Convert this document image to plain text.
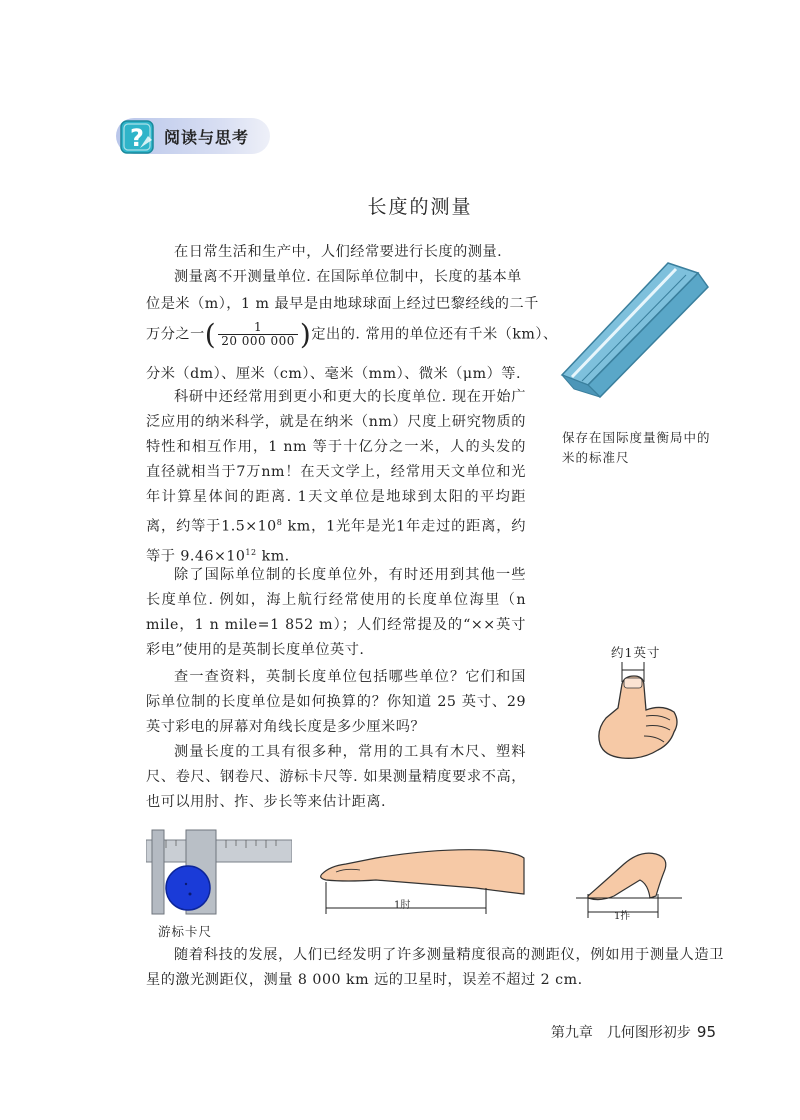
? 阅读与思考
长度的测量
在日常生活和生产中，人们经常要进行长度的测量.
测量离不开测量单位. 在国际单位制中，长度的基本单
位是米（m），1 m 最早是由地球球面上经过巴黎经线的二千
万分之一( $\frac{1}{20 000 000}$ )定出的. 常用的单位还有千米（km）、
分米（dm）、厘米（cm）、毫米（mm）、微米（μm）等.
科研中还经常用到更小和更大的长度单位. 现在开始广泛应用的纳米科学，就是在纳米（nm）尺度上研究物质的特性和相互作用，1 nm 等于十亿分之一米，人的头发的直径就相当于7万nm！在天文学上，经常用天文单位和光年计算星体间的距离. 1天文单位是地球到太阳的平均距离，约等于$1.5\times 10^8$ km，1光年是光1年走过的距离，约等于 $9.46\times 10^{12}$ km.
除了国际单位制的长度单位外，有时还用到其他一些长度单位. 例如，海上航行经常使用的长度单位海里（n mile，1 n mile=1 852 m）；人们经常提及的“××英寸彩电”使用的是英制长度单位英寸.
查一查资料，英制长度单位包括哪些单位？它们和国际单位制的长度单位是如何换算的？你知道 25 英寸、29 英寸彩电的屏幕对角线长度是多少厘米吗？
测量长度的工具有很多种，常用的工具有木尺、塑料尺、卷尺、钢卷尺、游标卡尺等. 如果测量精度要求不高，也可以用肘、拃、步长等来估计距离.
随着科技的发展，人们已经发明了许多测量精度很高的测距仪，例如用于测量人造卫星的激光测距仪，测量 8 000 km 远的卫星时，误差不超过 2 cm.
保存在国际度量衡局中的米的标准尺
约1英寸
游标卡尺
1肘
1拃
第九章　几何图形初步 95
